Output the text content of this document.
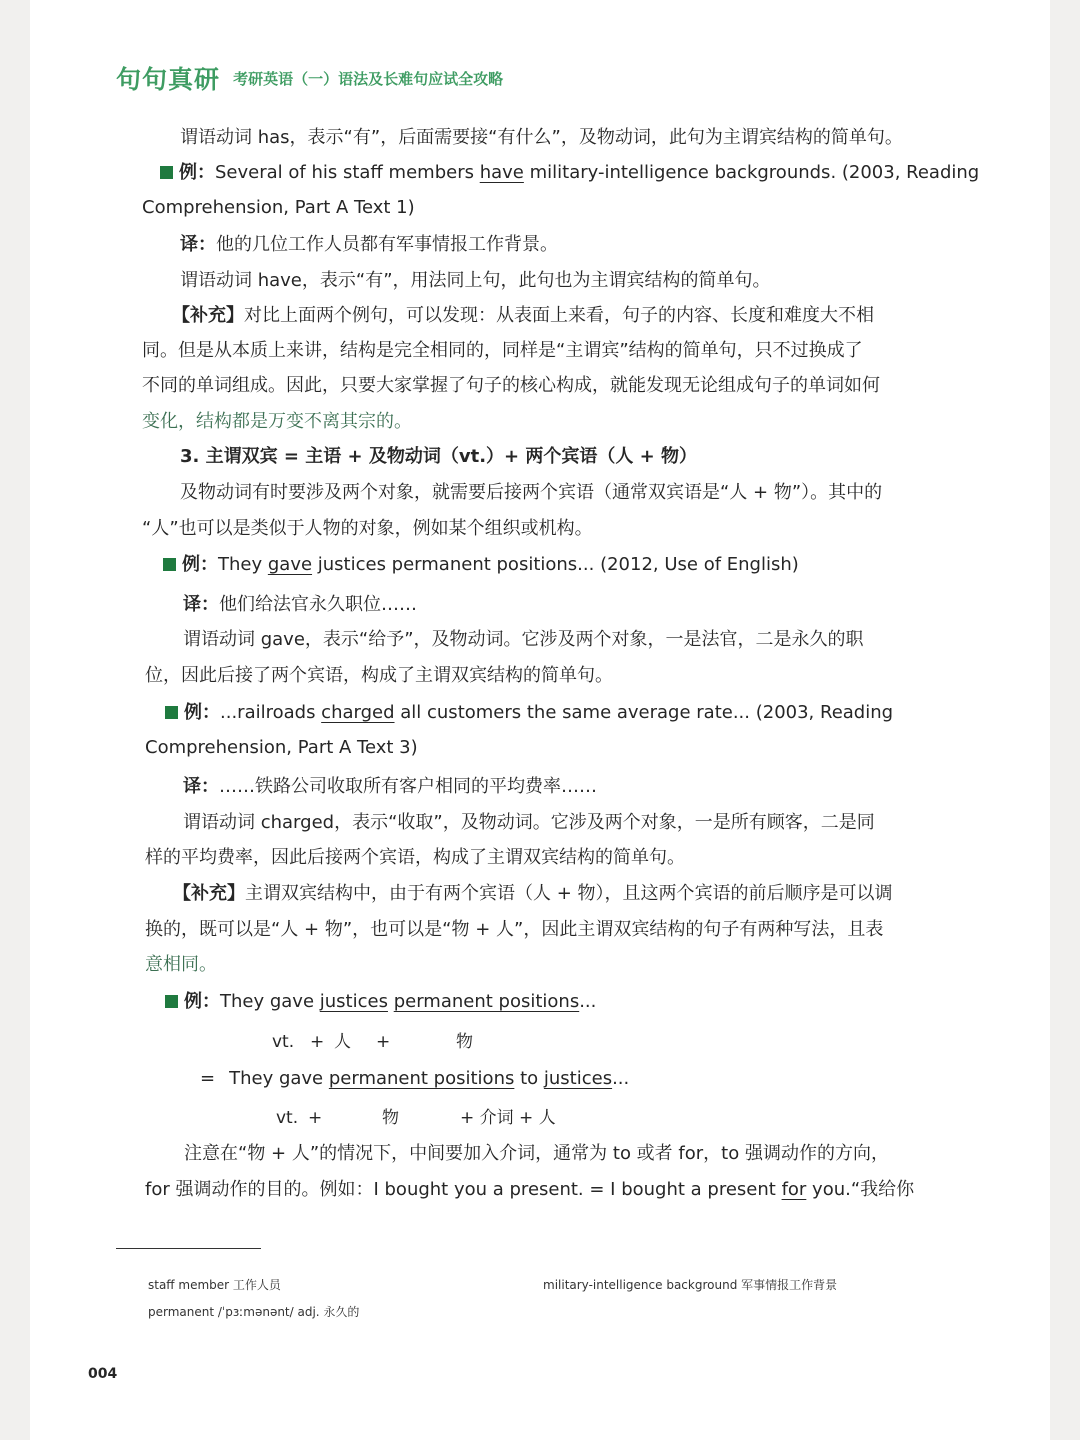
句句真研 考研英语（一）语法及长难句应试全攻略
谓语动词 has，表示“有”，后面需要接“有什么”，及物动词，此句为主谓宾结构的简单句。
例：Several of his staff members have military-intelligence backgrounds. (2003, Reading
Comprehension, Part A Text 1)
译：他的几位工作人员都有军事情报工作背景。
谓语动词 have，表示“有”，用法同上句，此句也为主谓宾结构的简单句。
【补充】对比上面两个例句，可以发现：从表面上来看，句子的内容、长度和难度大不相
同。但是从本质上来讲，结构是完全相同的，同样是“主谓宾”结构的简单句，只不过换成了
不同的单词组成。因此，只要大家掌握了句子的核心构成，就能发现无论组成句子的单词如何
变化，结构都是万变不离其宗的。
3. 主谓双宾 = 主语 + 及物动词（vt.）+ 两个宾语（人 + 物）
及物动词有时要涉及两个对象，就需要后接两个宾语（通常双宾语是“人 + 物”）。其中的
“人”也可以是类似于人物的对象，例如某个组织或机构。
例：They gave justices permanent positions... (2012, Use of English)
译：他们给法官永久职位……
谓语动词 gave，表示“给予”，及物动词。它涉及两个对象，一是法官，二是永久的职
位，因此后接了两个宾语，构成了主谓双宾结构的简单句。
例：...railroads charged all customers the same average rate... (2003, Reading
Comprehension, Part A Text 3)
译：……铁路公司收取所有客户相同的平均费率……
谓语动词 charged，表示“收取”，及物动词。它涉及两个对象，一是所有顾客，二是同
样的平均费率，因此后接两个宾语，构成了主谓双宾结构的简单句。
【补充】主谓双宾结构中，由于有两个宾语（人 + 物），且这两个宾语的前后顺序是可以调
换的，既可以是“人 + 物”，也可以是“物 + 人”，因此主谓双宾结构的句子有两种写法，且表
意相同。
例：They gave justices permanent positions...
vt. + 人 +	物
= They gave permanent positions to justices...
vt. +	物	+ 介词 + 人
注意在“物 + 人”的情况下，中间要加入介词，通常为 to 或者 for，to 强调动作的方向，
for 强调动作的目的。例如：I bought you a present. = I bought a present for you.“我给你
staff member 工作人员	military-intelligence background 军事情报工作背景
permanent /ˈpɜːmənənt/ adj. 永久的
004
